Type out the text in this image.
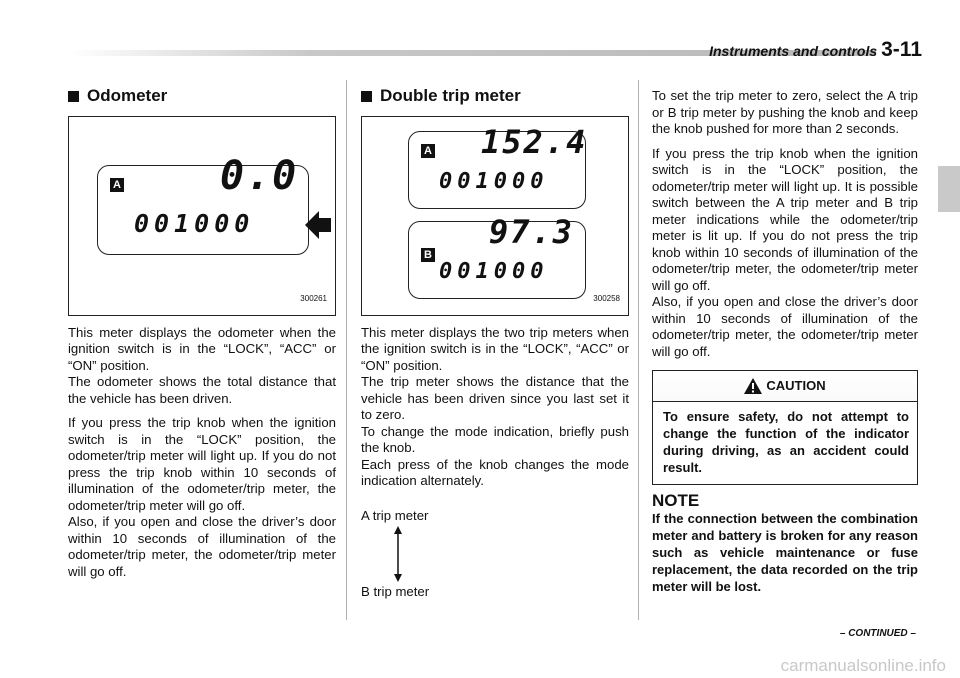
Instruments and controls 3-11
Odometer
A 0.0
001000
300261

This meter displays the odometer when the ignition switch is in the “LOCK”, “ACC” or “ON” position.

The odometer shows the total distance that the vehicle has been driven.

If you press the trip knob when the ignition switch is in the “LOCK” position, the odometer/trip meter will light up. If you do not press the trip knob within 10 seconds of illumination of the odometer/trip meter, the odometer/trip meter will go off.

Also, if you open and close the driver’s door within 10 seconds of illumination of the odometer/trip meter, the odometer/trip meter will go off.

Double trip meter
A 152.4
001000
B
97.3
001000
300258

This meter displays the two trip meters when the ignition switch is in the “LOCK”, “ACC” or “ON” position.

The trip meter shows the distance that the vehicle has been driven since you last set it to zero.

To change the mode indication, briefly push the knob.

Each press of the knob changes the mode indication alternately.

A trip meter
B trip meter

To set the trip meter to zero, select the A trip or B trip meter by pushing the knob and keep the knob pushed for more than 2 seconds.

If you press the trip knob when the ignition switch is in the “LOCK” position, the odometer/trip meter will light up. It is possible switch between the A trip meter and B trip meter indications while the odometer/trip meter is lit up. If you do not press the trip knob within 10 seconds of illumination of the odometer/trip meter, the odometer/trip meter will go off.

Also, if you open and close the driver’s door within 10 seconds of illumination of the odometer/trip meter, the odometer/trip meter will go off.

CAUTION
To ensure safety, do not attempt to change the function of the indicator during driving, as an accident could result.
NOTE
If the connection between the combination meter and battery is broken for any reason such as vehicle maintenance or fuse replacement, the data recorded on the trip meter will be lost.
– CONTINUED –
carmanualsonline.info
